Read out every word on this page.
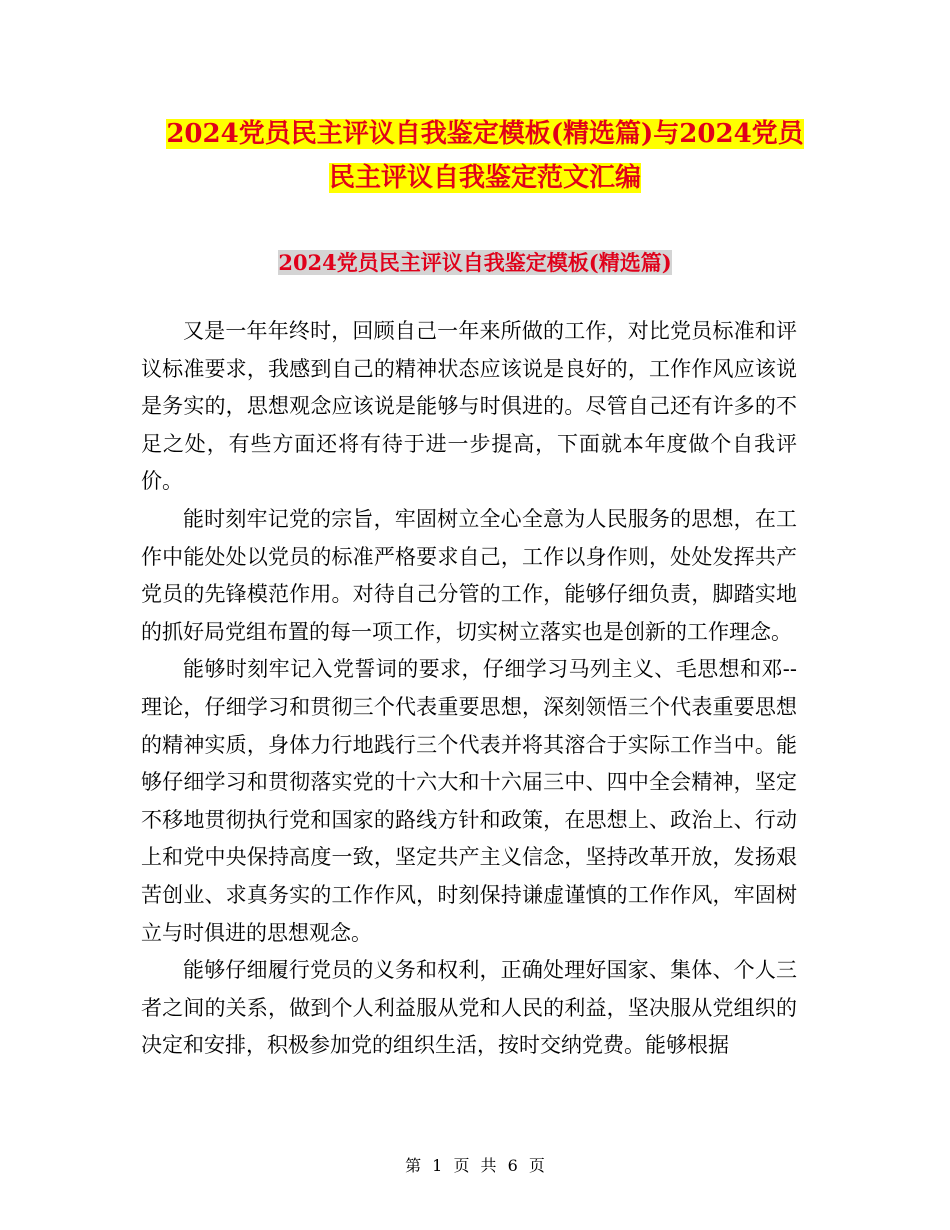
2024党员民主评议自我鉴定模板(精选篇)与2024党员
民主评议自我鉴定范文汇编
2024党员民主评议自我鉴定模板(精选篇)

又是一年年终时，回顾自己一年来所做的工作，对比党员标准和评议标准要求，我感到自己的精神状态应该说是良好的，工作作风应该说是务实的，思想观念应该说是能够与时俱进的。尽管自己还有许多的不足之处，有些方面还将有待于进一步提高，下面就本年度做个自我评价。

能时刻牢记党的宗旨，牢固树立全心全意为人民服务的思想，在工作中能处处以党员的标准严格要求自己，工作以身作则，处处发挥共产党员的先锋模范作用。对待自己分管的工作，能够仔细负责，脚踏实地的抓好局党组布置的每一项工作，切实树立落实也是创新的工作理念。

能够时刻牢记入党誓词的要求，仔细学习马列主义、毛思想和邓--理论，仔细学习和贯彻三个代表重要思想，深刻领悟三个代表重要思想的精神实质，身体力行地践行三个代表并将其溶合于实际工作当中。能够仔细学习和贯彻落实党的十六大和十六届三中、四中全会精神，坚定不移地贯彻执行党和国家的路线方针和政策，在思想上、政治上、行动上和党中央保持高度一致，坚定共产主义信念，坚持改革开放，发扬艰苦创业、求真务实的工作作风，时刻保持谦虚谨慎的工作作风，牢固树立与时俱进的思想观念。

能够仔细履行党员的义务和权利，正确处理好国家、集体、个人三者之间的关系，做到个人利益服从党和人民的利益，坚决服从党组织的决定和安排，积极参加党的组织生活，按时交纳党费。能够根据

第 1 页 共 6 页
